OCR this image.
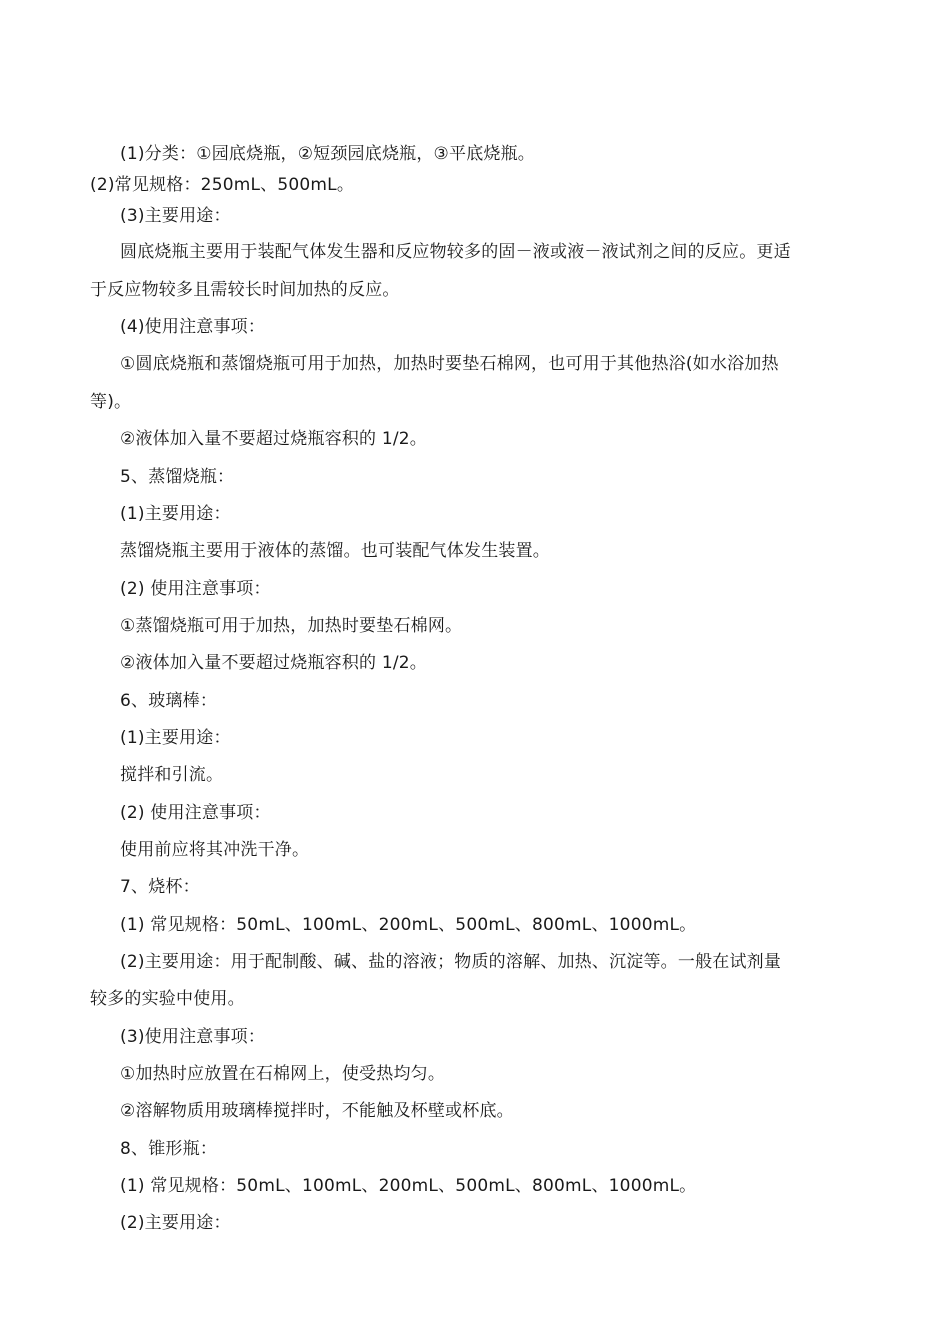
(1)分类：①园底烧瓶，②短颈园底烧瓶，③平底烧瓶。
(2)常见规格：250mL、500mL。
(3)主要用途：
圆底烧瓶主要用于装配气体发生器和反应物较多的固－液或液－液试剂之间的反应。更适
于反应物较多且需较长时间加热的反应。
(4)使用注意事项：
①圆底烧瓶和蒸馏烧瓶可用于加热，加热时要垫石棉网，也可用于其他热浴(如水浴加热
等)。
②液体加入量不要超过烧瓶容积的 1/2。
5、蒸馏烧瓶：
(1)主要用途：
蒸馏烧瓶主要用于液体的蒸馏。也可装配气体发生装置。
(2) 使用注意事项：
①蒸馏烧瓶可用于加热，加热时要垫石棉网。
②液体加入量不要超过烧瓶容积的 1/2。
6、玻璃棒：
(1)主要用途：
搅拌和引流。
(2) 使用注意事项：
使用前应将其冲洗干净。
7、烧杯：
(1) 常见规格：50mL、100mL、200mL、500mL、800mL、1000mL。
(2)主要用途：用于配制酸、碱、盐的溶液；物质的溶解、加热、沉淀等。一般在试剂量
较多的实验中使用。
(3)使用注意事项：
①加热时应放置在石棉网上，使受热均匀。
②溶解物质用玻璃棒搅拌时，不能触及杯壁或杯底。
8、锥形瓶：
(1) 常见规格：50mL、100mL、200mL、500mL、800mL、1000mL。
(2)主要用途：
